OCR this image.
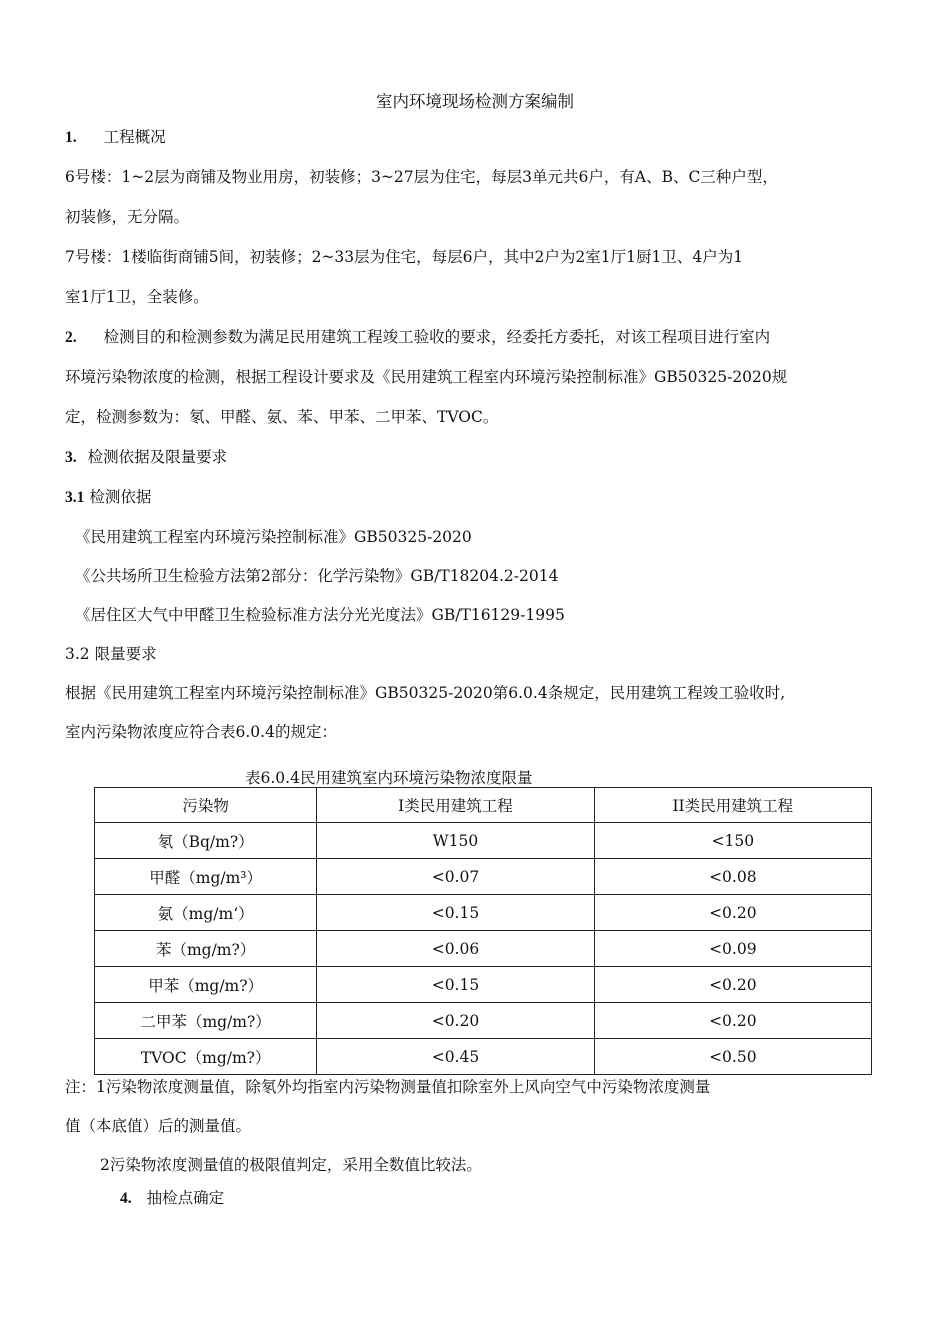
室内环境现场检测方案编制
1. 工程概况
6号楼：1~2层为商铺及物业用房，初装修；3~27层为住宅，每层3单元共6户，有A、B、C三种户型，
初装修，无分隔。
7号楼：1楼临街商铺5间，初装修；2~33层为住宅，每层6户，其中2户为2室1厅1厨1卫、4户为1
室1厅1卫，全装修。
2. 检测目的和检测参数为满足民用建筑工程竣工验收的要求，经委托方委托，对该工程项目进行室内
环境污染物浓度的检测，根据工程设计要求及《民用建筑工程室内环境污染控制标准》GB50325-2020规
定，检测参数为：氡、甲醛、氨、苯、甲苯、二甲苯、TVOC。
3. 检测依据及限量要求
3.1 检测依据
《民用建筑工程室内环境污染控制标准》GB50325-2020
《公共场所卫生检验方法第2部分：化学污染物》GB/T18204.2-2014
《居住区大气中甲醛卫生检验标准方法分光光度法》GB/T16129-1995
3.2 限量要求
根据《民用建筑工程室内环境污染控制标准》GB50325-2020第6.0.4条规定，民用建筑工程竣工验收时,
室内污染物浓度应符合表6.0.4的规定：
表6.0.4民用建筑室内环境污染物浓度限量
污染物	I类民用建筑工程	II类民用建筑工程
氡（Bq/m?）	W150	<150
甲醛（mg/m³）	<0.07	<0.08
氨（mg/m‘）	<0.15	<0.20
苯（mg/m?）	<0.06	<0.09
甲苯（mg/m?）	<0.15	<0.20
二甲苯（mg/m?）	<0.20	<0.20
TVOC（mg/m?）	<0.45	<0.50
注：1污染物浓度测量值，除氡外均指室内污染物测量值扣除室外上风向空气中污染物浓度测量
值（本底值）后的测量值。
2污染物浓度测量值的极限值判定，采用全数值比较法。
4. 抽检点确定
